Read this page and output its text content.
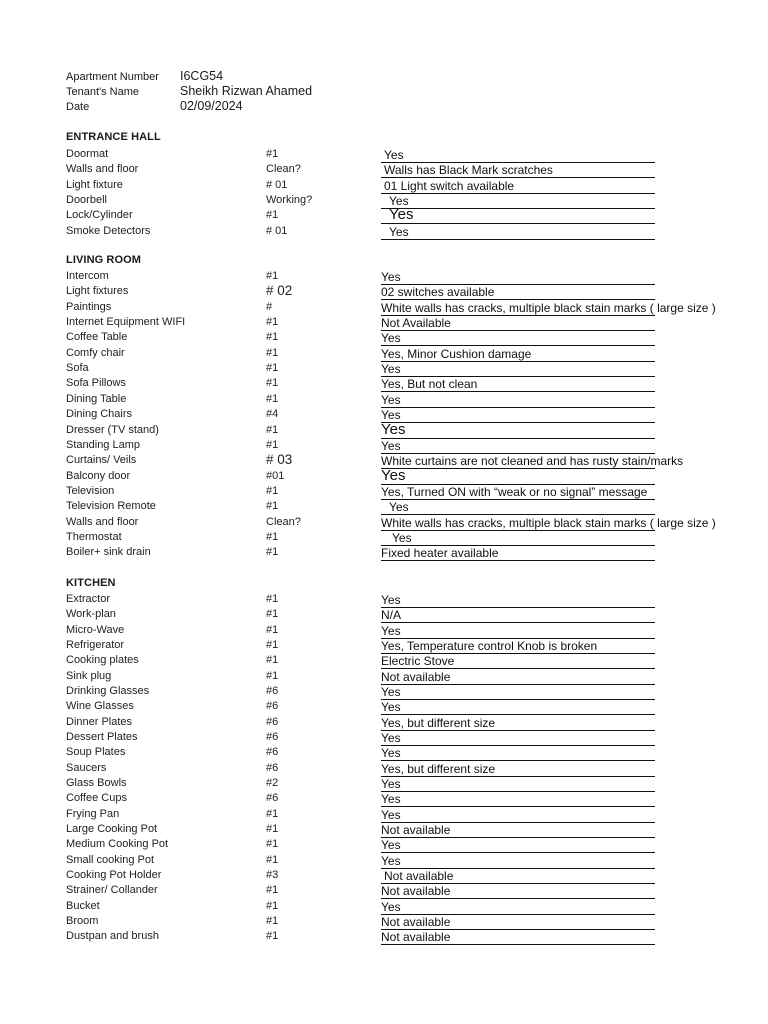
Apartment Number I6CG54
Tenant's Name	Sheikh Rizwan Ahamed
Date	02/09/2024
ENTRANCE HALL
Doormat	#1	Yes
Walls and floor	Clean?	Walls has Black Mark scratches
Light fixture	# 01	01 Light switch available
Doorbell	Working?	Yes
Lock/Cylinder	#1	Yes
Smoke Detectors	# 01	Yes
LIVING ROOM
Intercom	#1	Yes
Light fixtures	# 02	02 switches available
Paintings	#	White walls has cracks, multiple black stain marks ( large size )
Internet Equipment WIFI	#1	Not Available
Coffee Table	#1	Yes
Comfy chair	#1	Yes, Minor Cushion damage
Sofa	#1	Yes
Sofa Pillows	#1	Yes, But not clean
Dining Table	#1	Yes
Dining Chairs	#4	Yes
Dresser (TV stand)	#1	Yes
Standing Lamp	#1	Yes
Curtains/ Veils	# 03	White curtains are not cleaned and has rusty stain/marks
Balcony door	#01	Yes
Television	#1	Yes, Turned ON with “weak or no signal” message
Television Remote	#1	Yes
Walls and floor	Clean?	White walls has cracks, multiple black stain marks ( large size )
Thermostat	#1	Yes
Boiler+ sink drain	#1	Fixed heater available
KITCHEN
Extractor	#1	Yes
Work-plan	#1	N/A
Micro-Wave	#1	Yes
Refrigerator	#1	Yes, Temperature control Knob is broken
Cooking plates	#1	Electric Stove
Sink plug	#1	Not available
Drinking Glasses	#6	Yes
Wine Glasses	#6	Yes
Dinner Plates	#6	Yes, but different size
Dessert Plates	#6	Yes
Soup Plates	#6	Yes
Saucers	#6	Yes, but different size
Glass Bowls	#2	Yes
Coffee Cups	#6	Yes
Frying Pan	#1	Yes
Large Cooking Pot	#1	Not available
Medium Cooking Pot	#1	Yes
Small cooking Pot	#1	Yes
Cooking Pot Holder	#3	Not available
Strainer/ Collander	#1	Not available
Bucket	#1	Yes
Broom	#1	Not available
Dustpan and brush	#1	Not available
